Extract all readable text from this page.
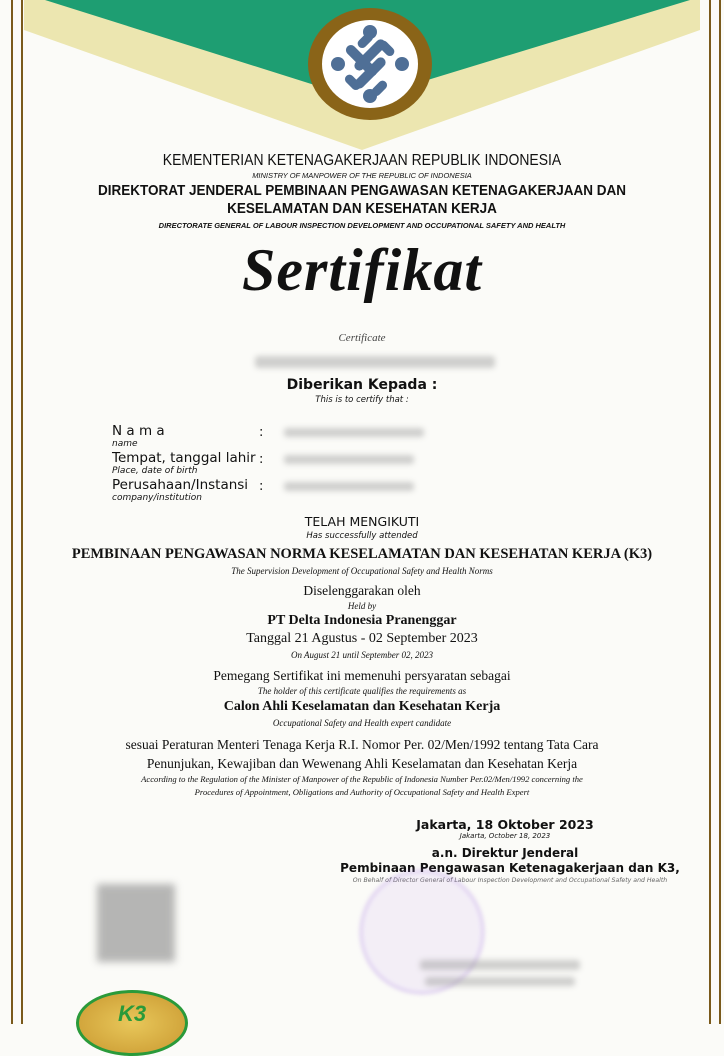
KEMENTERIAN KETENAGAKERJAAN REPUBLIK INDONESIA
MINISTRY OF MANPOWER OF THE REPUBLIC OF INDONESIA
DIREKTORAT JENDERAL PEMBINAAN PENGAWASAN KETENAGAKERJAAN DAN
KESELAMATAN DAN KESEHATAN KERJA
DIRECTORATE GENERAL OF LABOUR INSPECTION DEVELOPMENT AND OCCUPATIONAL SAFETY AND HEALTH
Sertifikat
Certificate
Diberikan Kepada :
This is to certify that :
N a m a
name
Tempat, tanggal lahir
Place, date of birth
Perusahaan/Instansi
company/institution
:
:
:
TELAH MENGIKUTI
Has successfully attended
PEMBINAAN PENGAWASAN NORMA KESELAMATAN DAN KESEHATAN KERJA (K3)
The Supervision Development of Occupational Safety and Health Norms
Diselenggarakan oleh
Held by
PT Delta Indonesia Pranenggar
Tanggal 21 Agustus - 02 September 2023
On August 21 until September 02, 2023
Pemegang Sertifikat ini memenuhi persyaratan sebagai
The holder of this certificate qualifies the requirements as
Calon Ahli Keselamatan dan Kesehatan Kerja
Occupational Safety and Health expert candidate
sesuai Peraturan Menteri Tenaga Kerja R.I. Nomor Per. 02/Men/1992 tentang Tata Cara
Penunjukan, Kewajiban dan Wewenang Ahli Keselamatan dan Kesehatan Kerja
According to the Regulation of the Minister of Manpower of the Republic of Indonesia Number Per.02/Men/1992 concerning the
Procedures of Appointment, Obligations and Authority of Occupational Safety and Health Expert
Jakarta, 18 Oktober 2023
Jakarta, October 18, 2023
a.n. Direktur Jenderal
Pembinaan Pengawasan Ketenagakerjaan dan K3,
On Behalf of Director General of Labour Inspection Development and Occupational Safety and Health
K3
